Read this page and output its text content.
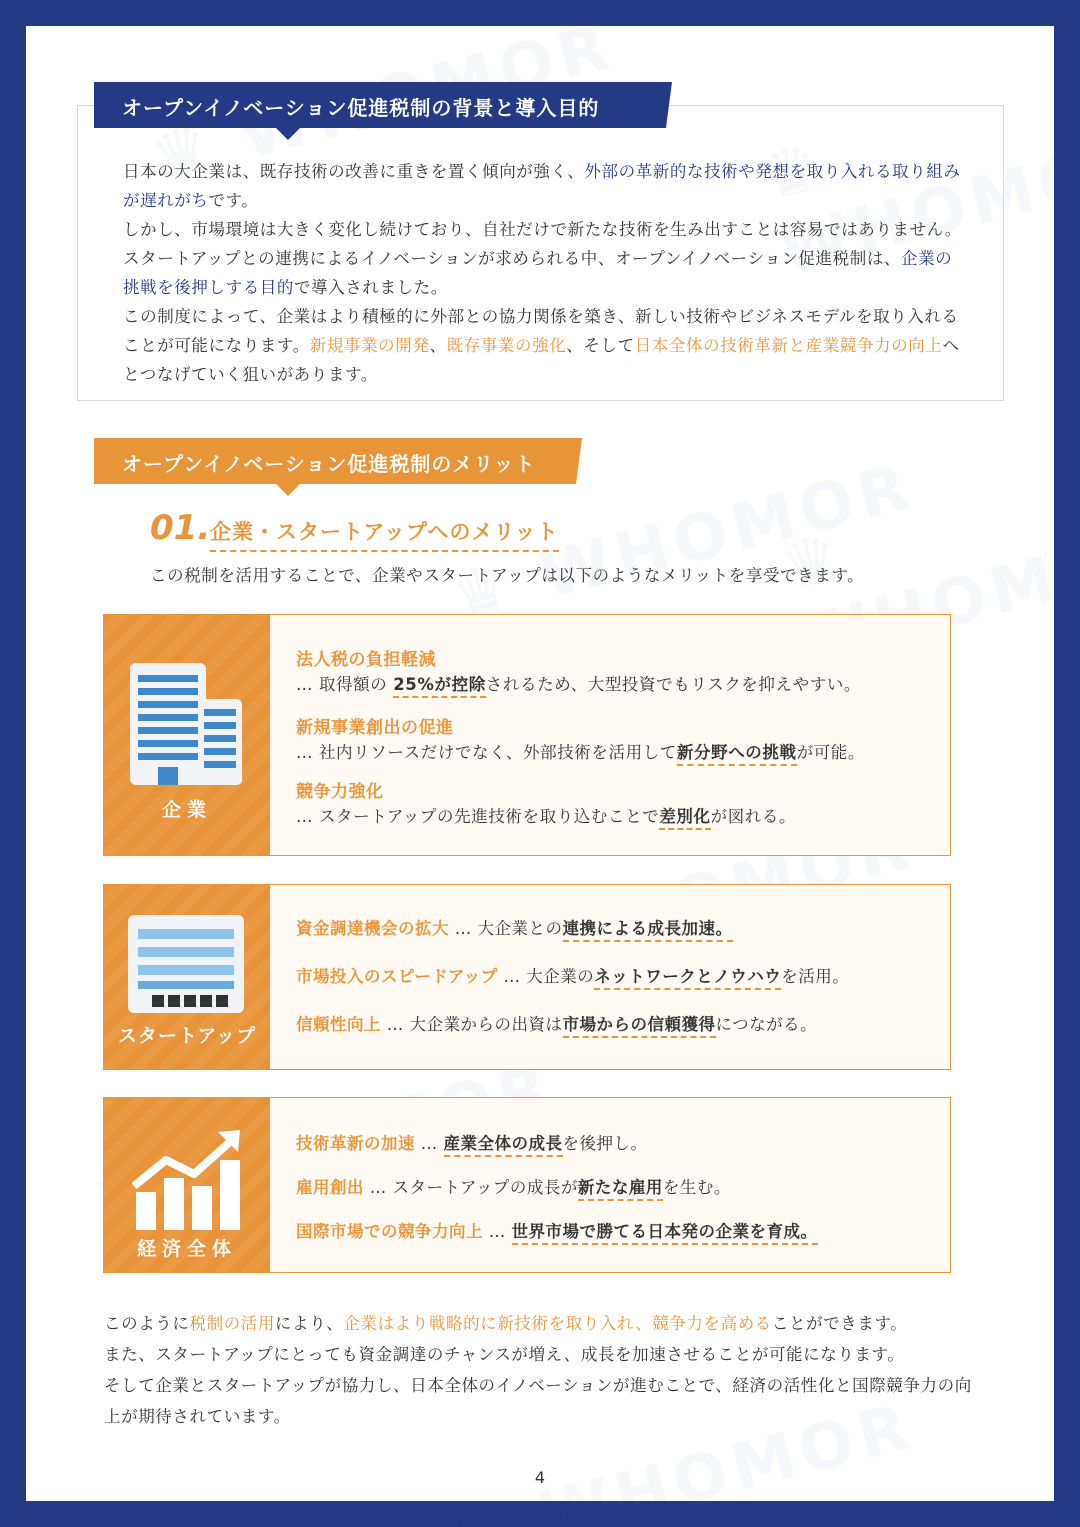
オープンイノベーション促進税制の背景と導入目的
日本の大企業は、既存技術の改善に重きを置く傾向が強く、外部の革新的な技術や発想を取り入れる取り組みが遅れがちです。
しかし、市場環境は大きく変化し続けており、自社だけで新たな技術を生み出すことは容易ではありません。スタートアップとの連携によるイノベーションが求められる中、オープンイノベーション促進税制は、企業の挑戦を後押しする目的で導入されました。
この制度によって、企業はより積極的に外部との協力関係を築き、新しい技術やビジネスモデルを取り入れることが可能になります。新規事業の開発、既存事業の強化、そして日本全体の技術革新と産業競争力の向上へとつなげていく狙いがあります。
オープンイノベーション促進税制のメリット
01. 企業・スタートアップへのメリット
この税制を活用することで、企業やスタートアップは以下のようなメリットを享受できます。
企業
法人税の負担軽減
… 取得額の 25%が控除されるため、大型投資でもリスクを抑えやすい。
新規事業創出の促進
… 社内リソースだけでなく、外部技術を活用して新分野への挑戦が可能。
競争力強化
… スタートアップの先進技術を取り込むことで差別化が図れる。
スタートアップ
資金調達機会の拡大 … 大企業との連携による成長加速。
市場投入のスピードアップ … 大企業のネットワークとノウハウを活用。
信頼性向上 … 大企業からの出資は市場からの信頼獲得につながる。
経済全体
技術革新の加速 … 産業全体の成長を後押し。
雇用創出 … スタートアップの成長が新たな雇用を生む。
国際市場での競争力向上 … 世界市場で勝てる日本発の企業を育成。
このように税制の活用により、企業はより戦略的に新技術を取り入れ、競争力を高めることができます。
また、スタートアップにとっても資金調達のチャンスが増え、成長を加速させることが可能になります。
そして企業とスタートアップが協力し、日本全体のイノベーションが進むことで、経済の活性化と国際競争力の向上が期待されています。
4
